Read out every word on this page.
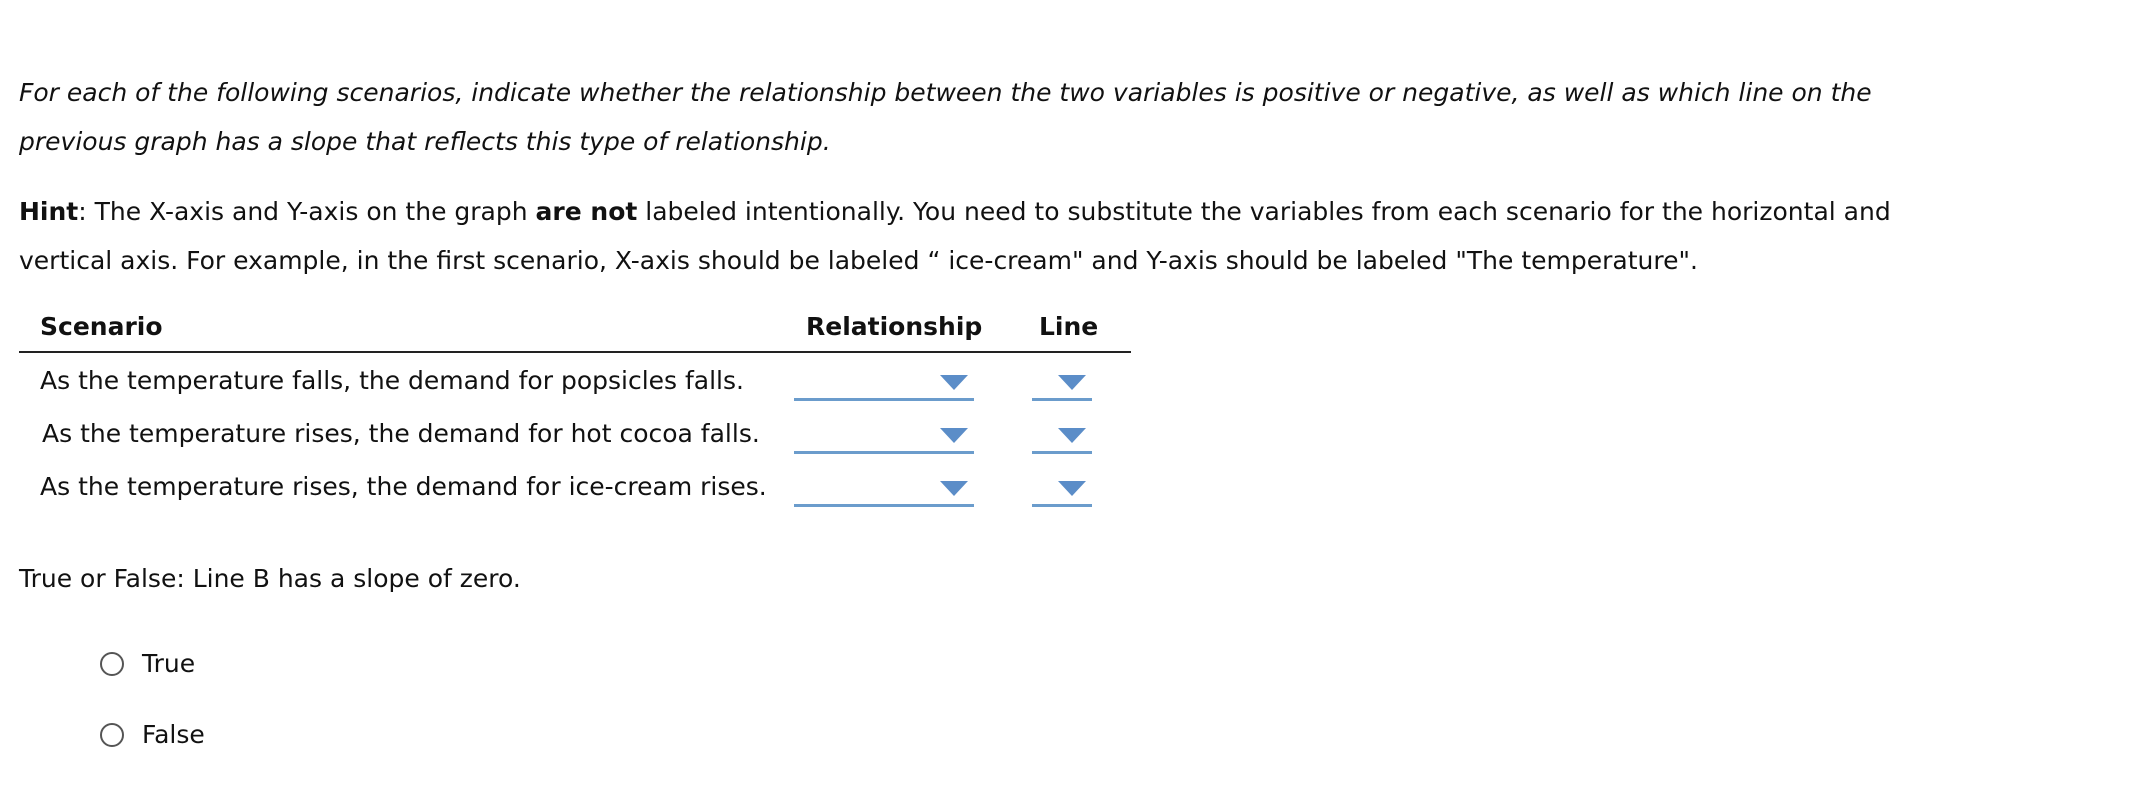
For each of the following scenarios, indicate whether the relationship between the two variables is positive or negative, as well as which line on the previous graph has a slope that reflects this type of relationship.

Hint: The X-axis and Y-axis on the graph are not labeled intentionally. You need to substitute the variables from each scenario for the horizontal and vertical axis. For example, in the first scenario, X-axis should be labeled “ ice-cream" and Y-axis should be labeled "The temperature".

Scenario	Relationship Line
As the temperature falls, the demand for popsicles falls.
As the temperature rises, the demand for hot cocoa falls.
As the temperature rises, the demand for ice-cream rises.

True or False: Line B has a slope of zero.

True
False
